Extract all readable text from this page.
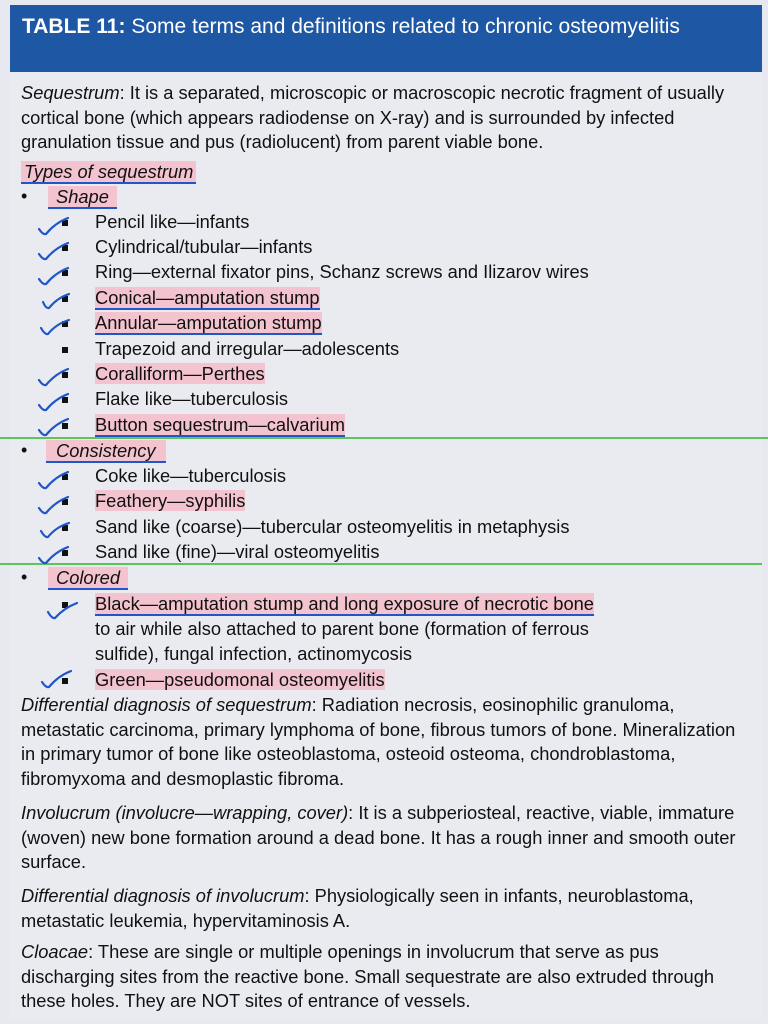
TABLE 11: Some terms and definitions related to chronic osteomyelitis
Sequestrum: It is a separated, microscopic or macroscopic necrotic fragment of usually cortical bone (which appears radiodense on X-ray) and is surrounded by infected granulation tissue and pus (radiolucent) from parent viable bone.
Types of sequestrum
•	Shape
Pencil like—infants
Cylindrical/tubular—infants
Ring—external fixator pins, Schanz screws and Ilizarov wires
Conical—amputation stump
Annular—amputation stump
Trapezoid and irregular—adolescents
Coralliform—Perthes
Flake like—tuberculosis
Button sequestrum—calvarium
•	Consistency
Coke like—tuberculosis
Feathery—syphilis
Sand like (coarse)—tubercular osteomyelitis in metaphysis
Sand like (fine)—viral osteomyelitis
•	Colored
Black—amputation stump and long exposure of necrotic bone
to air while also attached to parent bone (formation of ferrous
sulfide), fungal infection, actinomycosis
Green—pseudomonal osteomyelitis
Differential diagnosis of sequestrum: Radiation necrosis, eosinophilic granuloma, metastatic carcinoma, primary lymphoma of bone, fibrous tumors of bone. Mineralization in primary tumor of bone like osteoblastoma, osteoid osteoma, chondroblastoma, fibromyxoma and desmoplastic fibroma.
Involucrum (involucre—wrapping, cover): It is a subperiosteal, reactive, viable, immature (woven) new bone formation around a dead bone. It has a rough inner and smooth outer surface.
Differential diagnosis of involucrum: Physiologically seen in infants, neuroblastoma, metastatic leukemia, hypervitaminosis A.
Cloacae: These are single or multiple openings in involucrum that serve as pus discharging sites from the reactive bone. Small sequestrate are also extruded through these holes. They are NOT sites of entrance of vessels.
